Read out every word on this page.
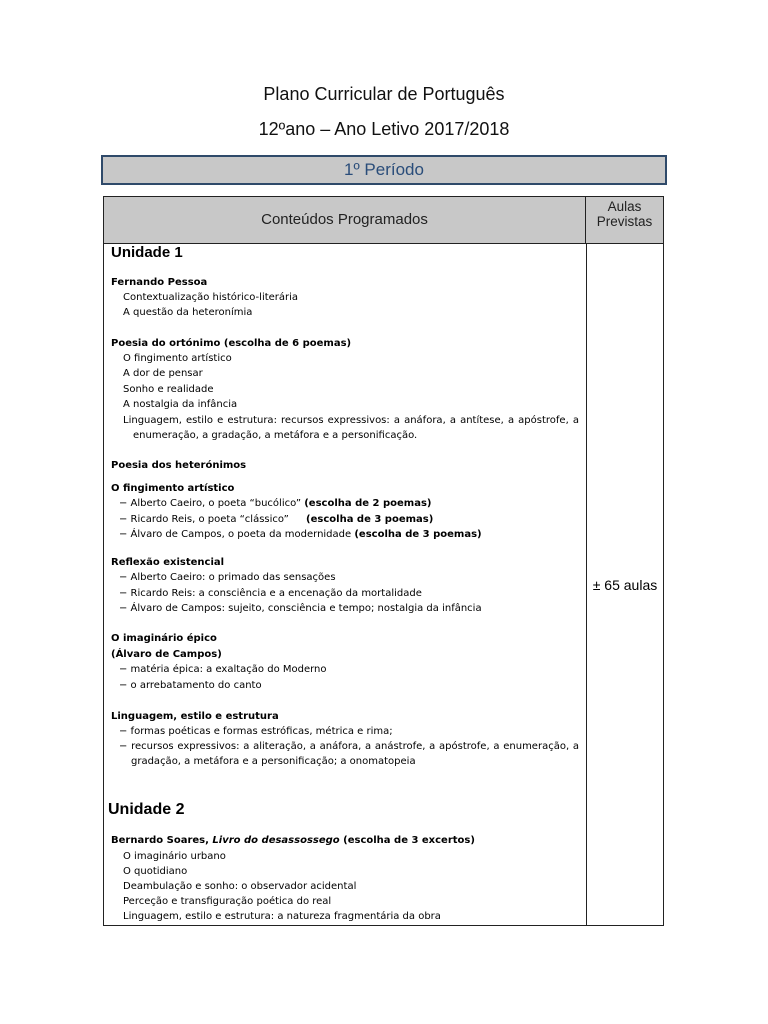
Plano Curricular de Português
12ºano – Ano Letivo 2017/2018
1º Período
Conteúdos Programados
Aulas
Previstas
± 65 aulas
Unidade 1
Fernando Pessoa
Contextualização histórico-literária
A questão da heteronímia
Poesia do ortónimo (escolha de 6 poemas)
O fingimento artístico
A dor de pensar
Sonho e realidade
A nostalgia da infância
Linguagem, estilo e estrutura: recursos expressivos: a anáfora, a antítese, a apóstrofe, a
enumeração, a gradação, a metáfora e a personificação.
Poesia dos heterónimos
O fingimento artístico
− Alberto Caeiro, o poeta “bucólico” (escolha de 2 poemas)
− Ricardo Reis, o poeta “clássico” (escolha de 3 poemas)
− Álvaro de Campos, o poeta da modernidade (escolha de 3 poemas)
Reflexão existencial
− Alberto Caeiro: o primado das sensações
− Ricardo Reis: a consciência e a encenação da mortalidade
− Álvaro de Campos: sujeito, consciência e tempo; nostalgia da infância
O imaginário épico
(Álvaro de Campos)
− matéria épica: a exaltação do Moderno
− o arrebatamento do canto
Linguagem, estilo e estrutura
− formas poéticas e formas estróficas, métrica e rima;
− recursos expressivos: a aliteração, a anáfora, a anástrofe, a apóstrofe, a enumeração, a
gradação, a metáfora e a personificação; a onomatopeia
Unidade 2
Bernardo Soares, Livro do desassossego (escolha de 3 excertos)
O imaginário urbano
O quotidiano
Deambulação e sonho: o observador acidental
Perceção e transfiguração poética do real
Linguagem, estilo e estrutura: a natureza fragmentária da obra
